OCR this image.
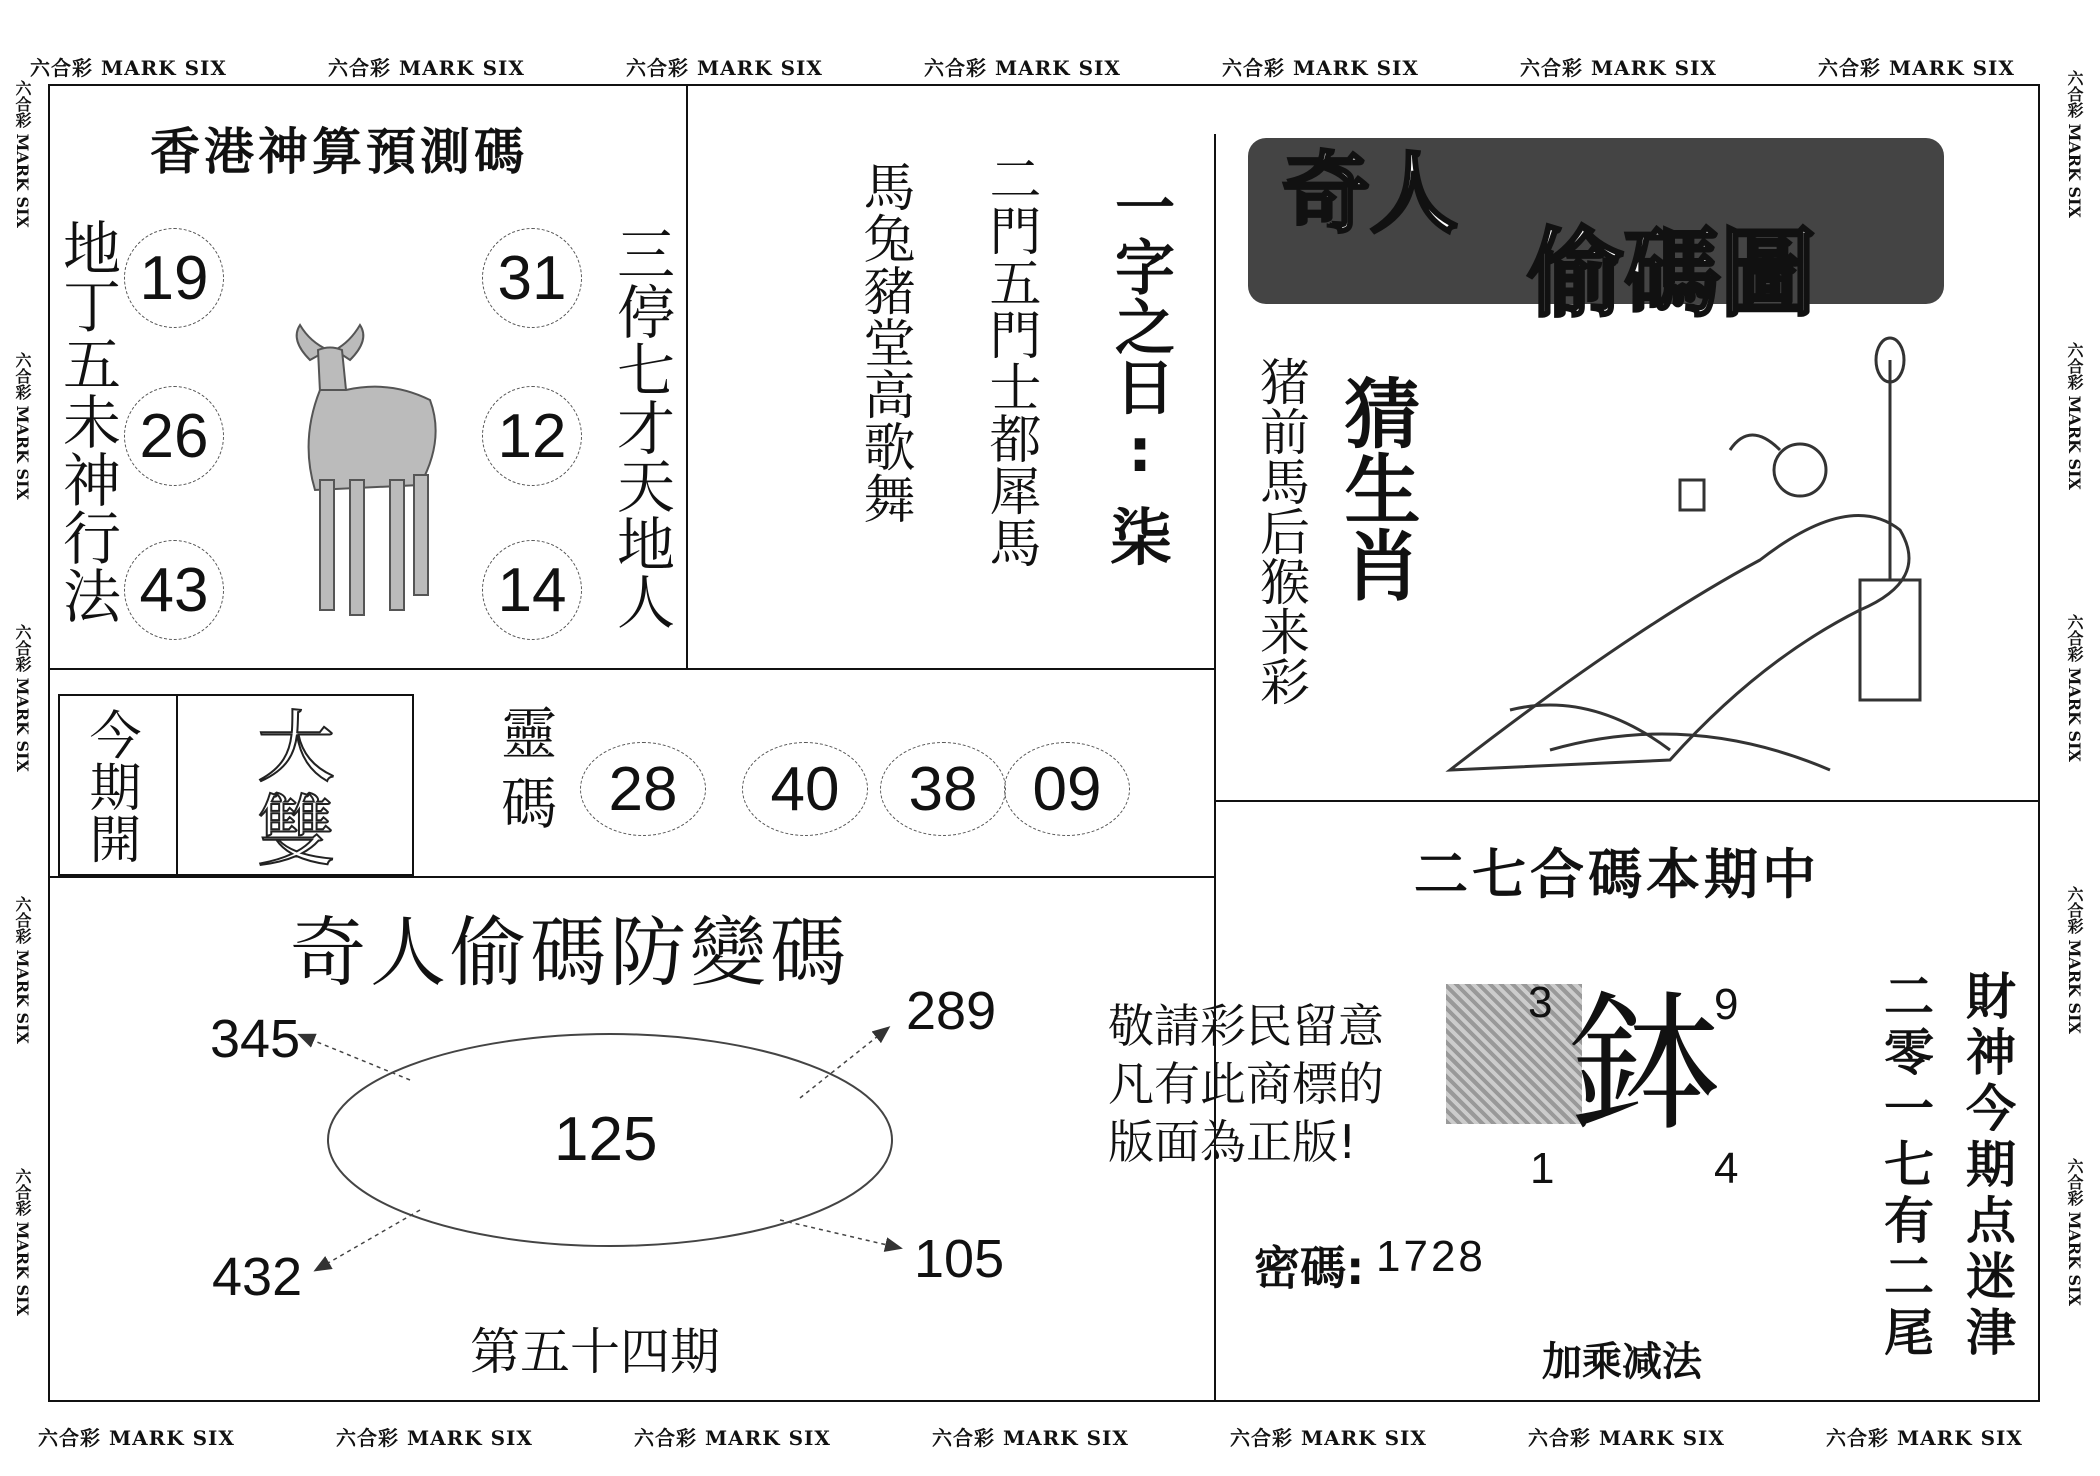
六合彩 MARK SIX	六合彩 MARK SIX	六合彩 MARK SIX	六合彩 MARK SIX	六合彩 MARK SIX	六合彩 MARK SIX	六合彩 MARK SIX
六合彩 MARK SIX	六合彩 MARK SIX	六合彩 MARK SIX	六合彩 MARK SIX	六合彩 MARK SIX	六合彩 MARK SIX	六合彩 MARK SIX
六合彩 MARK SIX
六合彩 MARK SIX
六合彩 MARK SIX
六合彩 MARK SIX
六合彩 MARK SIX
六合彩 MARK SIX
六合彩 MARK SIX
六合彩 MARK SIX
六合彩 MARK SIX
六合彩 MARK SIX
香港神算預測碼
地丁五未神行法	三停七才天地人
19
26
43
31
12
14
馬兔豬堂高歌舞 二門五門士都犀馬 一字之日:
柒
奇人
偷碼圖
猜生肖
猪前馬后猴来彩
今期開 大雙	靈碼 28	40	38 09
奇人偷碼防變碼
125
345	289
432	105
第五十四期
敬請彩民留意
凡有此商標的
版面為正版!
二七合碼本期中
鉢
3	9
1	4
密碼: 1728
加乘减法	財神今期点迷津
二零一七有二尾
